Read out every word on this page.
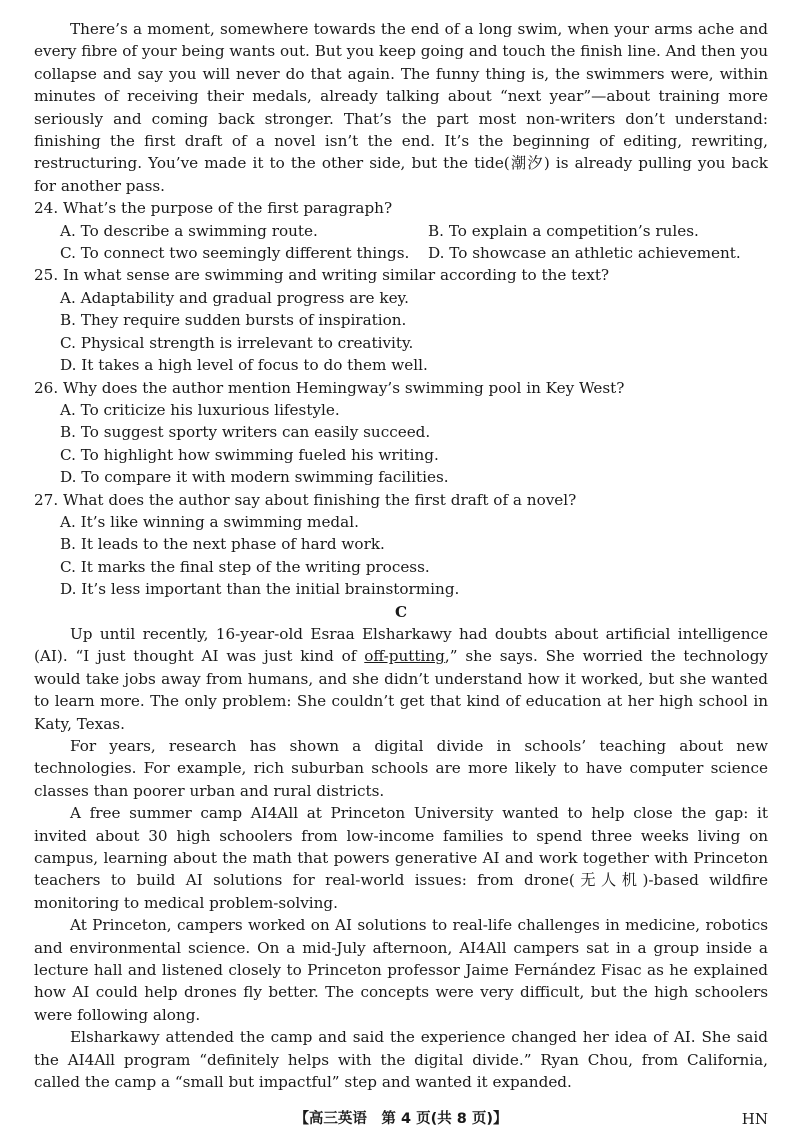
There’s a moment, somewhere towards the end of a long swim, when your arms ache and every fibre of your being wants out. But you keep going and touch the finish line. And then you collapse and say you will never do that again. The funny thing is, the swimmers were, within minutes of receiving their medals, already talking about “next year”—about training more seriously and coming back stronger. That’s the part most non-writers don’t understand: finishing the first draft of a novel isn’t the end. It’s the beginning of editing, rewriting, restructuring. You’ve made it to the other side, but the tide(潮汐) is already pulling you back for another pass.

24. What’s the purpose of the first paragraph?

A. To describe a swimming route.	B. To explain a competition’s rules.

C. To connect two seemingly different things.	D. To showcase an athletic achievement.

25. In what sense are swimming and writing similar according to the text?

A. Adaptability and gradual progress are key.

B. They require sudden bursts of inspiration.

C. Physical strength is irrelevant to creativity.

D. It takes a high level of focus to do them well.

26. Why does the author mention Hemingway’s swimming pool in Key West?

A. To criticize his luxurious lifestyle.

B. To suggest sporty writers can easily succeed.

C. To highlight how swimming fueled his writing.

D. To compare it with modern swimming facilities.

27. What does the author say about finishing the first draft of a novel?

A. It’s like winning a swimming medal.

B. It leads to the next phase of hard work.

C. It marks the final step of the writing process.

D. It’s less important than the initial brainstorming.

C

Up until recently, 16-year-old Esraa Elsharkawy had doubts about artificial intelligence (AI). “I just thought AI was just kind of off-putting,” she says. She worried the technology would take jobs away from humans, and she didn’t understand how it worked, but she wanted to learn more. The only problem: She couldn’t get that kind of education at her high school in Katy, Texas.

For years, research has shown a digital divide in schools’ teaching about new technologies. For example, rich suburban schools are more likely to have computer science classes than poorer urban and rural districts.

A free summer camp AI4All at Princeton University wanted to help close the gap: it invited about 30 high schoolers from low-income families to spend three weeks living on campus, learning about the math that powers generative AI and work together with Princeton teachers to build AI solutions for real-world issues: from drone(无人机)-based wildfire monitoring to medical problem-solving.

At Princeton, campers worked on AI solutions to real-life challenges in medicine, robotics and environmental science. On a mid-July afternoon, AI4All campers sat in a group inside a lecture hall and listened closely to Princeton professor Jaime Fernández Fisac as he explained how AI could help drones fly better. The concepts were very difficult, but the high schoolers were following along.

Elsharkawy attended the camp and said the experience changed her idea of AI. She said the AI4All program “definitely helps with the digital divide.” Ryan Chou, from California, called the camp a “small but impactful” step and wanted it expanded.

【高三英语　第 4 页(共 8 页)】	HN
